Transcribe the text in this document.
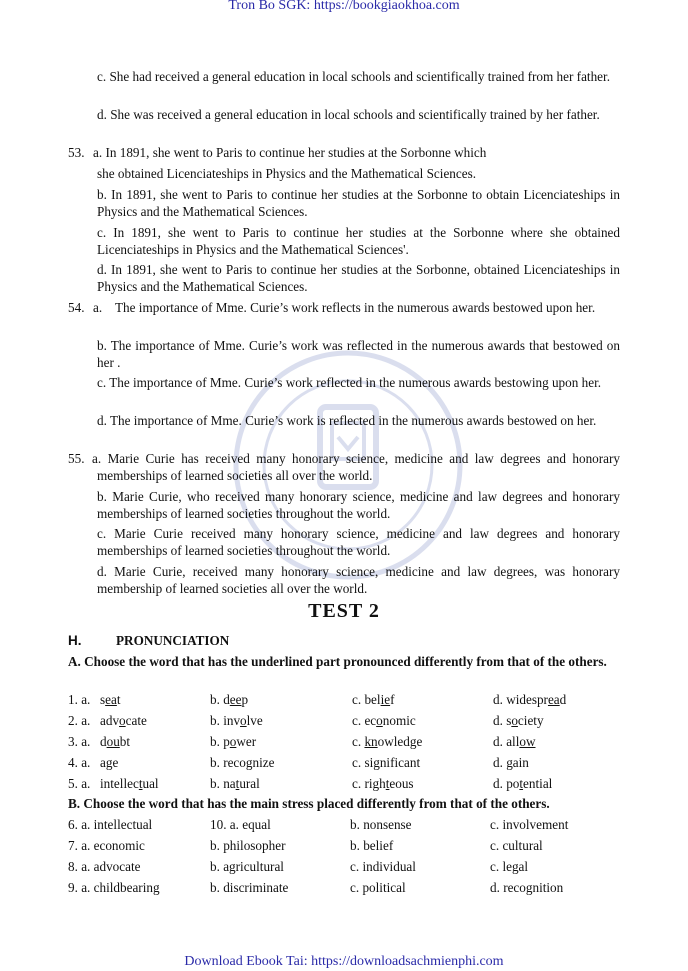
Tron Bo SGK: https://bookgiaokhoa.com
c. She had received a general education in local schools and scientifically trained from her father.
d. She was received a general education in local schools and scientifically trained by her father.
53. a. In 1891, she went to Paris to continue her studies at the Sorbonne which
she obtained Licenciateships in Physics and the Mathematical Sciences.
b. In 1891, she went to Paris to continue her studies at the Sorbonne to obtain Licenciateships in Physics and the Mathematical Sciences.
c. In 1891, she went to Paris to continue her studies at the Sorbonne where she obtained Licenciateships in Physics and the Mathematical Sciences'.
d. In 1891, she went to Paris to continue her studies at the Sorbonne, obtained Licenciateships in Physics and the Mathematical Sciences.
54. a. The importance of Mme. Curie’s work reflects in the numerous awards bestowed upon her.
b. The importance of Mme. Curie’s work was reflected in the numerous awards that bestowed on her .
c. The importance of Mme. Curie’s work reflected in the numerous awards bestowing upon her.
d. The importance of Mme. Curie’s work is reflected in the numerous awards bestowed on her.
55. a. Marie Curie has received many honorary science, medicine and law degrees and honorary memberships of learned societies all over the world.
b. Marie Curie, who received many honorary science, medicine and law degrees and honorary memberships of learned societies throughout the world.
c. Marie Curie received many honorary science, medicine and law degrees and honorary memberships of learned societies throughout the world.
d. Marie Curie, received many honorary science, medicine and law degrees, was honorary membership of learned societies all over the world.
TEST 2
H.	PRONUNCIATION
A. Choose the word that has the underlined part pronounced differently from that of the others.
1. a. seat	b. deep	c. belief	d. widespread
2. a. advocate	b. involve	c. economic	d. society
3. a. doubt	b. power	c. knowledge	d. allow
4. a. age	b. recognize	c. significant	d. gain
5. a. intellectual	b. natural	c. righteous	d. potential
B. Choose the word that has the main stress placed differently from that of the others.
6. a. intellectual	10. a. equal	b. nonsense	c. involvement
7. a. economic	b. philosopher	b. belief	c. cultural
8. a. advocate	b. agricultural	c. individual	c. legal
9. a. childbearing	b. discriminate	c. political	d. recognition
Download Ebook Tai: https://downloadsachmienphi.com
